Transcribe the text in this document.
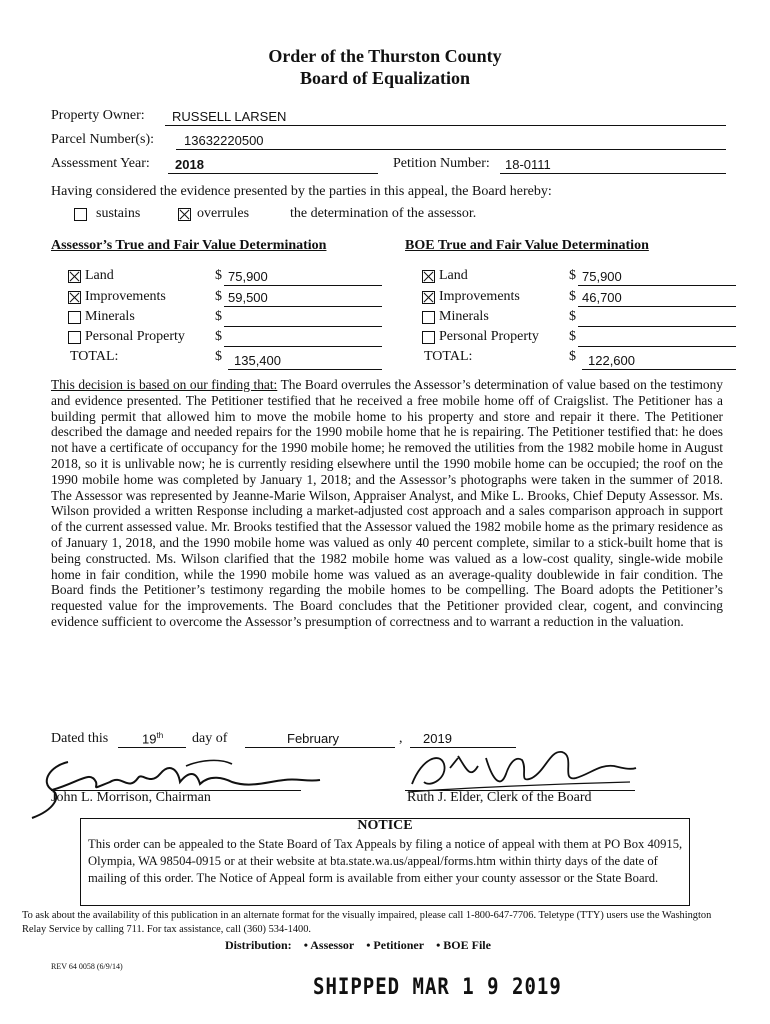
Order of the Thurston County
Board of Equalization
Property Owner: RUSSELL LARSEN
Parcel Number(s): 13632220500
Assessment Year: 2018	Petition Number: 18-0111
Having considered the evidence presented by the parties in this appeal, the Board hereby:
sustains	overrules	the determination of the assessor.
Assessor’s True and Fair Value Determination
Land	$ 75,900
Improvements	$ 59,500
Minerals	$
Personal Property $
TOTAL:	$ 135,400
BOE True and Fair Value Determination
Land	$ 75,900
Improvements	$ 46,700
Minerals	$
Personal Property $
TOTAL:	$ 122,600
This decision is based on our finding that: The Board overrules the Assessor’s determination of value based on the testimony and evidence presented. The Petitioner testified that he received a free mobile home off of Craigslist. The Petitioner has a building permit that allowed him to move the mobile home to his property and store and repair it there. The Petitioner described the damage and needed repairs for the 1990 mobile home that he is repairing. The Petitioner testified that: he does not have a certificate of occupancy for the 1990 mobile home; he removed the utilities from the 1982 mobile home in August 2018, so it is unlivable now; he is currently residing elsewhere until the 1990 mobile home can be occupied; the roof on the 1990 mobile home was completed by January 1, 2018; and the Assessor’s photographs were taken in the summer of 2018. The Assessor was represented by Jeanne-Marie Wilson, Appraiser Analyst, and Mike L. Brooks, Chief Deputy Assessor. Ms. Wilson provided a written Response including a market-adjusted cost approach and a sales comparison approach in support of the current assessed value. Mr. Brooks testified that the Assessor valued the 1982 mobile home as the primary residence as of January 1, 2018, and the 1990 mobile home was valued as only 40 percent complete, similar to a stick-built home that is being constructed. Ms. Wilson clarified that the 1982 mobile home was valued as a low-cost quality, single-wide mobile home in fair condition, while the 1990 mobile home was valued as an average-quality doublewide in fair condition. The Board finds the Petitioner’s testimony regarding the mobile homes to be compelling. The Board adopts the Petitioner’s requested value for the improvements. The Board concludes that the Petitioner provided clear, cogent, and convincing evidence sufficient to overcome the Assessor’s presumption of correctness and to warrant a reduction in the valuation.
Dated this	19th day of	February	, 2019
John L. Morrison, Chairman	Ruth J. Elder, Clerk of the Board
NOTICE
This order can be appealed to the State Board of Tax Appeals by filing a notice of appeal with them at PO Box 40915, Olympia, WA 98504-0915 or at their website at bta.state.wa.us/appeal/forms.htm within thirty days of the date of mailing of this order. The Notice of Appeal form is available from either your county assessor or the State Board.
To ask about the availability of this publication in an alternate format for the visually impaired, please call 1-800-647-7706. Teletype (TTY) users use the Washington Relay Service by calling 711. For tax assistance, call (360) 534-1400.
Distribution: • Assessor • Petitioner • BOE File
REV 64 0058 (6/9/14)
SHIPPED MAR 1 9 2019
